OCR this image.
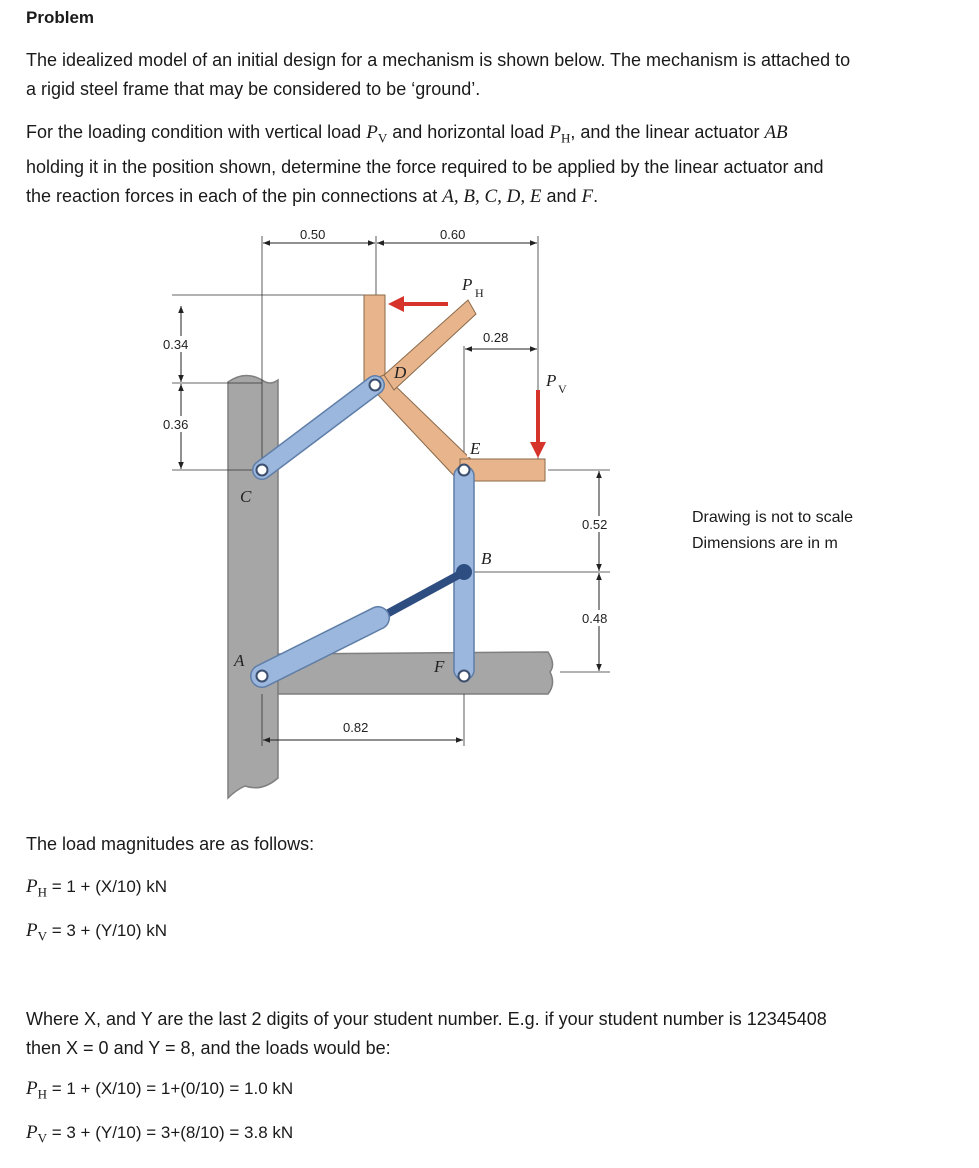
Problem
The idealized model of an initial design for a mechanism is shown below. The mechanism is attached to
a rigid steel frame that may be considered to be ‘ground’.
For the loading condition with vertical load $P_V$ and horizontal load $P_H$, and the linear actuator AB
holding it in the position shown, determine the force required to be applied by the linear actuator and
the reaction forces in each of the pin connections at A, B, C, D, E and F.
0.50	0.60
0.28
0.34
0.36
0.52
0.48
0.82
P H
P V
D
E
C
B
A	F
Drawing is not to scale
Dimensions are in m
The load magnitudes are as follows:
$P_H = 1 + (X/10)$ kN
$P_V = 3 + (Y/10)$ kN
Where X, and Y are the last 2 digits of your student number. E.g. if your student number is 12345408
then X = 0 and Y = 8, and the loads would be:
$P_H = 1 + (X/10) = 1+(0/10) = 1.0$ kN
$P_V = 3 + (Y/10) = 3+(8/10) = 3.8$ kN
